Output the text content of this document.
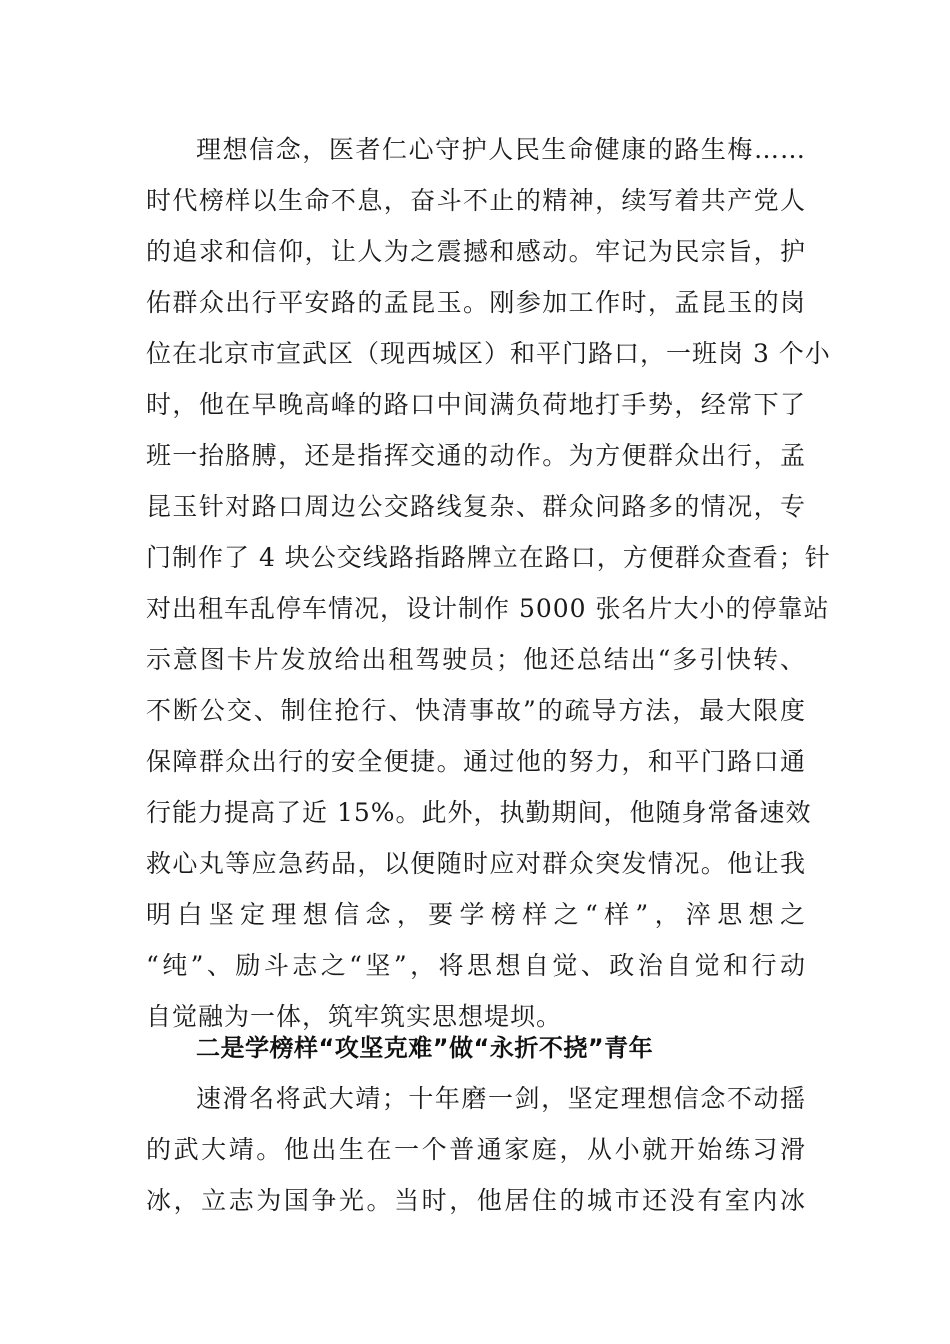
理想信念，医者仁心守护人民生命健康的路生梅……
时代榜样以生命不息，奋斗不止的精神，续写着共产党人
的追求和信仰，让人为之震撼和感动。牢记为民宗旨，护
佑群众出行平安路的孟昆玉。刚参加工作时，孟昆玉的岗
位在北京市宣武区（现西城区）和平门路口，一班岗 3 个小
时，他在早晚高峰的路口中间满负荷地打手势，经常下了
班一抬胳膊，还是指挥交通的动作。为方便群众出行，孟
昆玉针对路口周边公交路线复杂、群众问路多的情况，专
门制作了 4 块公交线路指路牌立在路口，方便群众查看；针
对出租车乱停车情况，设计制作 5000 张名片大小的停靠站
示意图卡片发放给出租驾驶员；他还总结出“多引快转、
不断公交、制住抢行、快清事故”的疏导方法，最大限度
保障群众出行的安全便捷。通过他的努力，和平门路口通
行能力提高了近 15%。此外，执勤期间，他随身常备速效
救心丸等应急药品，以便随时应对群众突发情况。他让我
明白坚定理想信念，要学榜样之“样”，淬思想之
“纯”、励斗志之“坚”，将思想自觉、政治自觉和行动
自觉融为一体，筑牢筑实思想堤坝。
二是学榜样“攻坚克难”做“永折不挠”青年
速滑名将武大靖；十年磨一剑，坚定理想信念不动摇
的武大靖。他出生在一个普通家庭，从小就开始练习滑
冰，立志为国争光。当时，他居住的城市还没有室内冰
